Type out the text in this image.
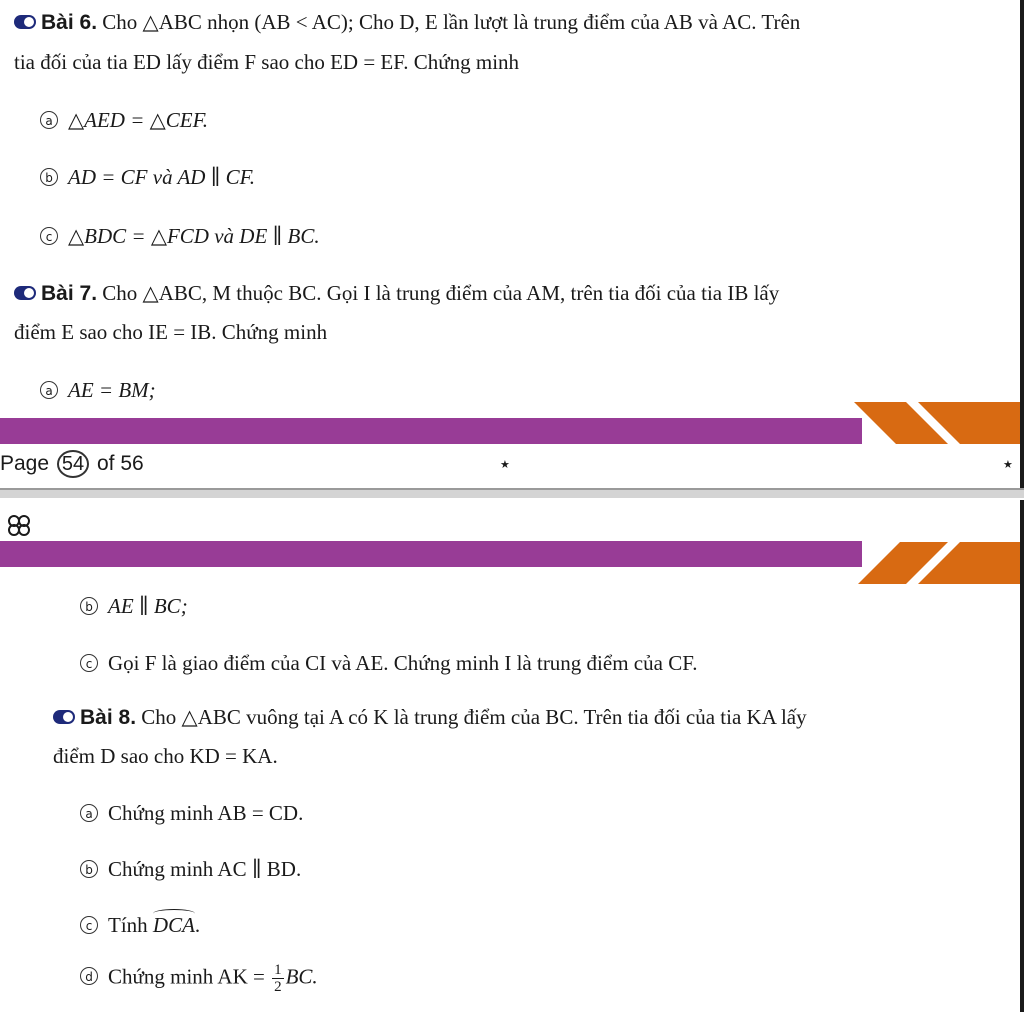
Bài 6. Cho △ABC nhọn (AB < AC); Cho D, E lần lượt là trung điểm của AB và AC. Trên
tia đối của tia ED lấy điểm F sao cho ED = EF. Chứng minh
a △AED = △CEF.
b AD = CF và AD ∥ CF.
c △BDC = △FCD và DE ∥ BC.
Bài 7. Cho △ABC, M thuộc BC. Gọi I là trung điểm của AM, trên tia đối của tia IB lấy
điểm E sao cho IE = IB. Chứng minh
a AE = BM;
Page 54 of 56	★	★
b AE ∥ BC;
c Gọi F là giao điểm của CI và AE. Chứng minh I là trung điểm của CF.
Bài 8. Cho △ABC vuông tại A có K là trung điểm của BC. Trên tia đối của tia KA lấy
điểm D sao cho KD = KA.
a Chứng minh AB = CD.
b Chứng minh AC ∥ BD.
c Tính DCA.
d Chứng minh AK = $\frac{1}{2}$ BC.
